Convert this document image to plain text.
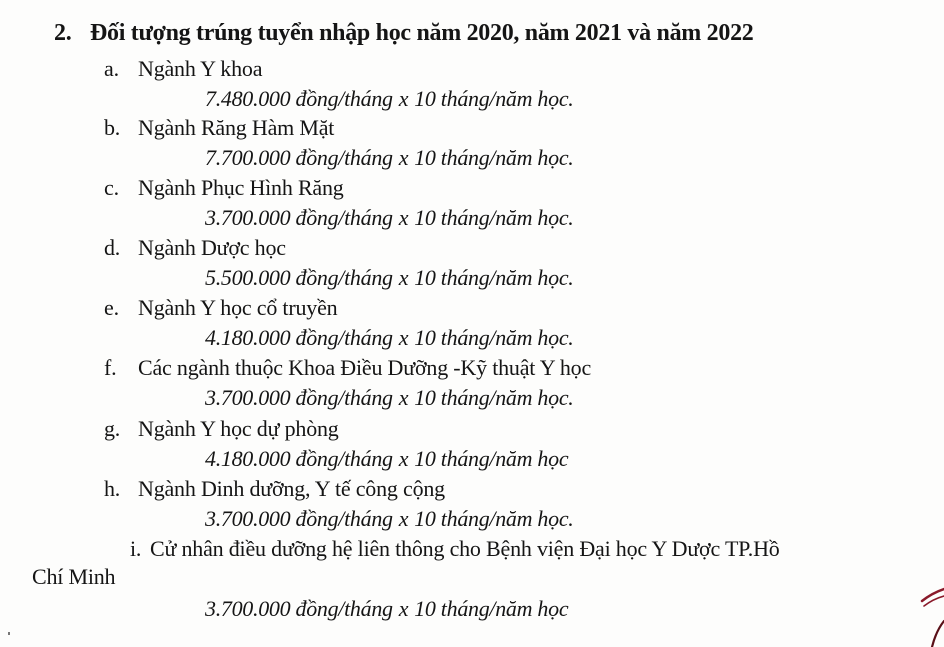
2. Đối tượng trúng tuyển nhập học năm 2020, năm 2021 và năm 2022
a. Ngành Y khoa
7.480.000 đồng/tháng x 10 tháng/năm học.
b. Ngành Răng Hàm Mặt
7.700.000 đồng/tháng x 10 tháng/năm học.
c. Ngành Phục Hình Răng
3.700.000 đồng/tháng x 10 tháng/năm học.
d. Ngành Dược học
5.500.000 đồng/tháng x 10 tháng/năm học.
e. Ngành Y học cổ truyền
4.180.000 đồng/tháng x 10 tháng/năm học.
f. Các ngành thuộc Khoa Điều Dưỡng -Kỹ thuật Y học
3.700.000 đồng/tháng x 10 tháng/năm học.
g. Ngành Y học dự phòng
4.180.000 đồng/tháng x 10 tháng/năm học
h. Ngành Dinh dưỡng, Y tế công cộng
3.700.000 đồng/tháng x 10 tháng/năm học.
i. Cử nhân điều dưỡng hệ liên thông cho Bệnh viện Đại học Y Dược TP.Hồ
Chí Minh
3.700.000 đồng/tháng x 10 tháng/năm học
